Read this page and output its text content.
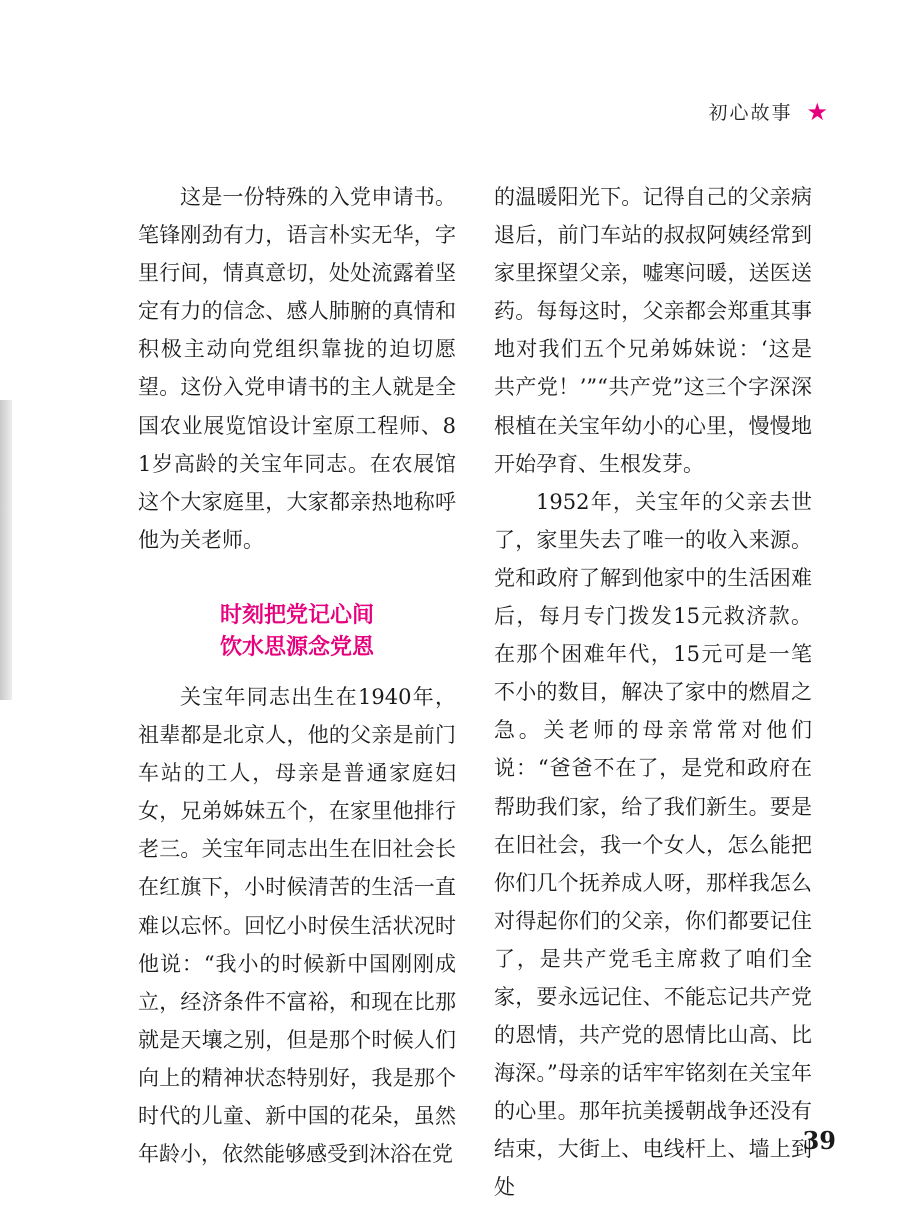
初心故事 ★

这是一份特殊的入党申请书。笔锋刚劲有力，语言朴实无华，字里行间，情真意切，处处流露着坚定有力的信念、感人肺腑的真情和积极主动向党组织靠拢的迫切愿望。这份入党申请书的主人就是全国农业展览馆设计室原工程师、81岁高龄的关宝年同志。在农展馆这个大家庭里，大家都亲热地称呼他为关老师。

时刻把党记心间
饮水思源念党恩

关宝年同志出生在1940年，祖辈都是北京人，他的父亲是前门车站的工人，母亲是普通家庭妇女，兄弟姊妹五个，在家里他排行老三。关宝年同志出生在旧社会长在红旗下，小时候清苦的生活一直难以忘怀。回忆小时侯生活状况时他说：“我小的时候新中国刚刚成立，经济条件不富裕，和现在比那就是天壤之别，但是那个时候人们向上的精神状态特别好，我是那个时代的儿童、新中国的花朵，虽然年龄小，依然能够感受到沐浴在党

的温暖阳光下。记得自己的父亲病退后，前门车站的叔叔阿姨经常到家里探望父亲，嘘寒问暖，送医送药。每每这时，父亲都会郑重其事地对我们五个兄弟姊妹说：‘这是共产党！’”“共产党”这三个字深深根植在关宝年幼小的心里，慢慢地开始孕育、生根发芽。

1952年，关宝年的父亲去世了，家里失去了唯一的收入来源。党和政府了解到他家中的生活困难后，每月专门拨发15元救济款。在那个困难年代，15元可是一笔不小的数目，解决了家中的燃眉之急。关老师的母亲常常对他们说：“爸爸不在了，是党和政府在帮助我们家，给了我们新生。要是在旧社会，我一个女人，怎么能把你们几个抚养成人呀，那样我怎么对得起你们的父亲，你们都要记住了，是共产党毛主席救了咱们全家，要永远记住、不能忘记共产党的恩情，共产党的恩情比山高、比海深。”母亲的话牢牢铭刻在关宝年的心里。那年抗美援朝战争还没有结束，大街上、电线杆上、墙上到处

39
